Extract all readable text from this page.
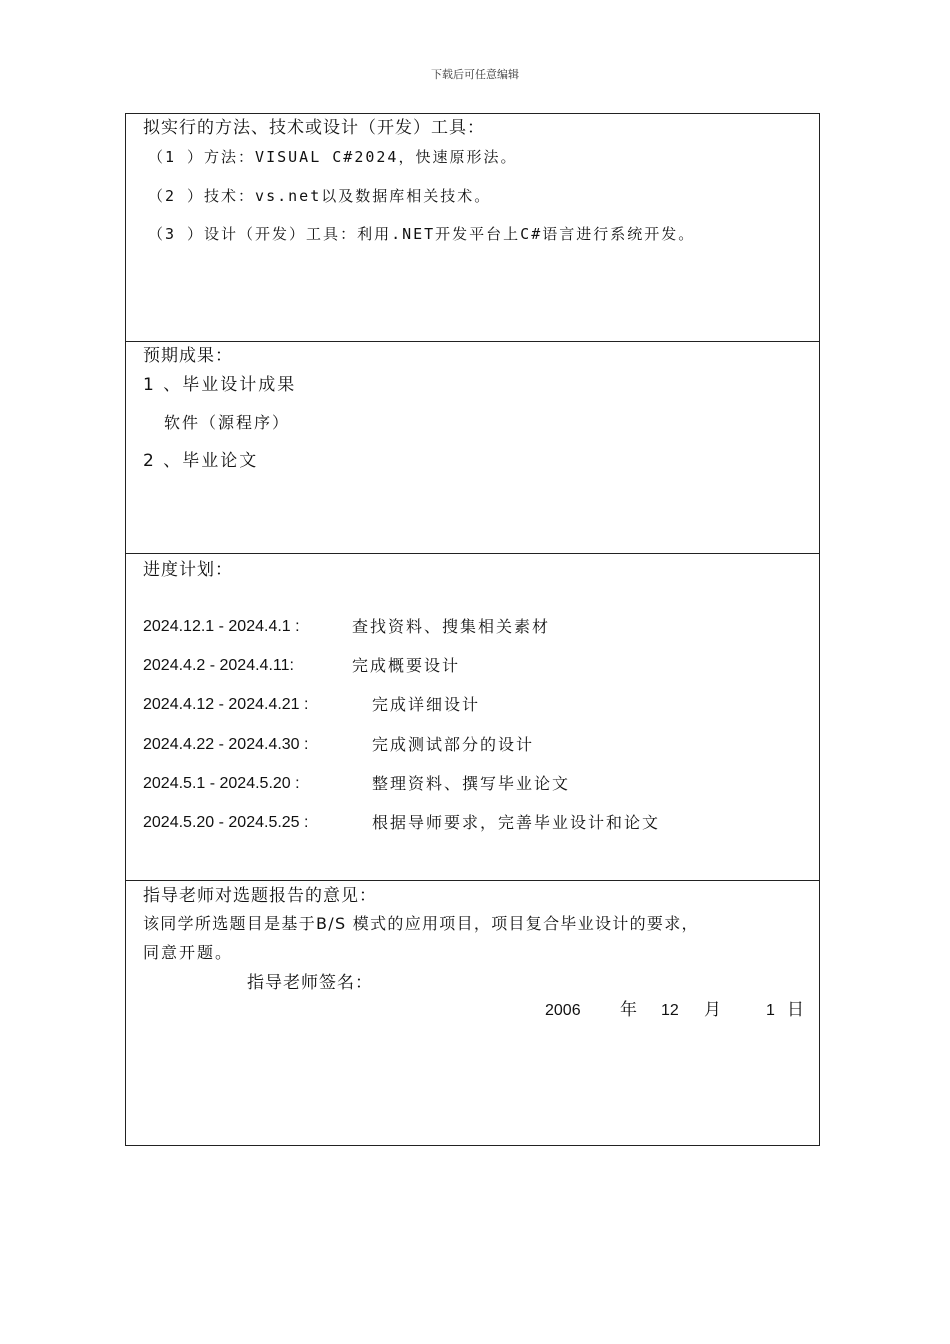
下载后可任意编辑
拟实行的方法、技术或设计（开发）工具：
（1 ）方法：VISUAL C#2024，快速原形法。
（2 ）技术：vs.net以及数据库相关技术。
（3 ）设计（开发）工具：利用.NET开发平台上C#语言进行系统开发。
预期成果：
1 、毕业设计成果
软件（源程序）
2 、毕业论文
进度计划：
2024.12.1 - 2024.4.1 :	查找资料、搜集相关素材
2024.4.2 - 2024.4.11:	完成概要设计
2024.4.12 - 2024.4.21 :	完成详细设计
2024.4.22 - 2024.4.30 :	完成测试部分的设计
2024.5.1 - 2024.5.20 :	整理资料、撰写毕业论文
2024.5.20 - 2024.5.25 :	根据导师要求，完善毕业设计和论文
指导老师对选题报告的意见：
该同学所选题目是基于B/S 模式的应用项目，项目复合毕业设计的要求，
同意开题。
指导老师签名：
2006 年 12 月	1 日
